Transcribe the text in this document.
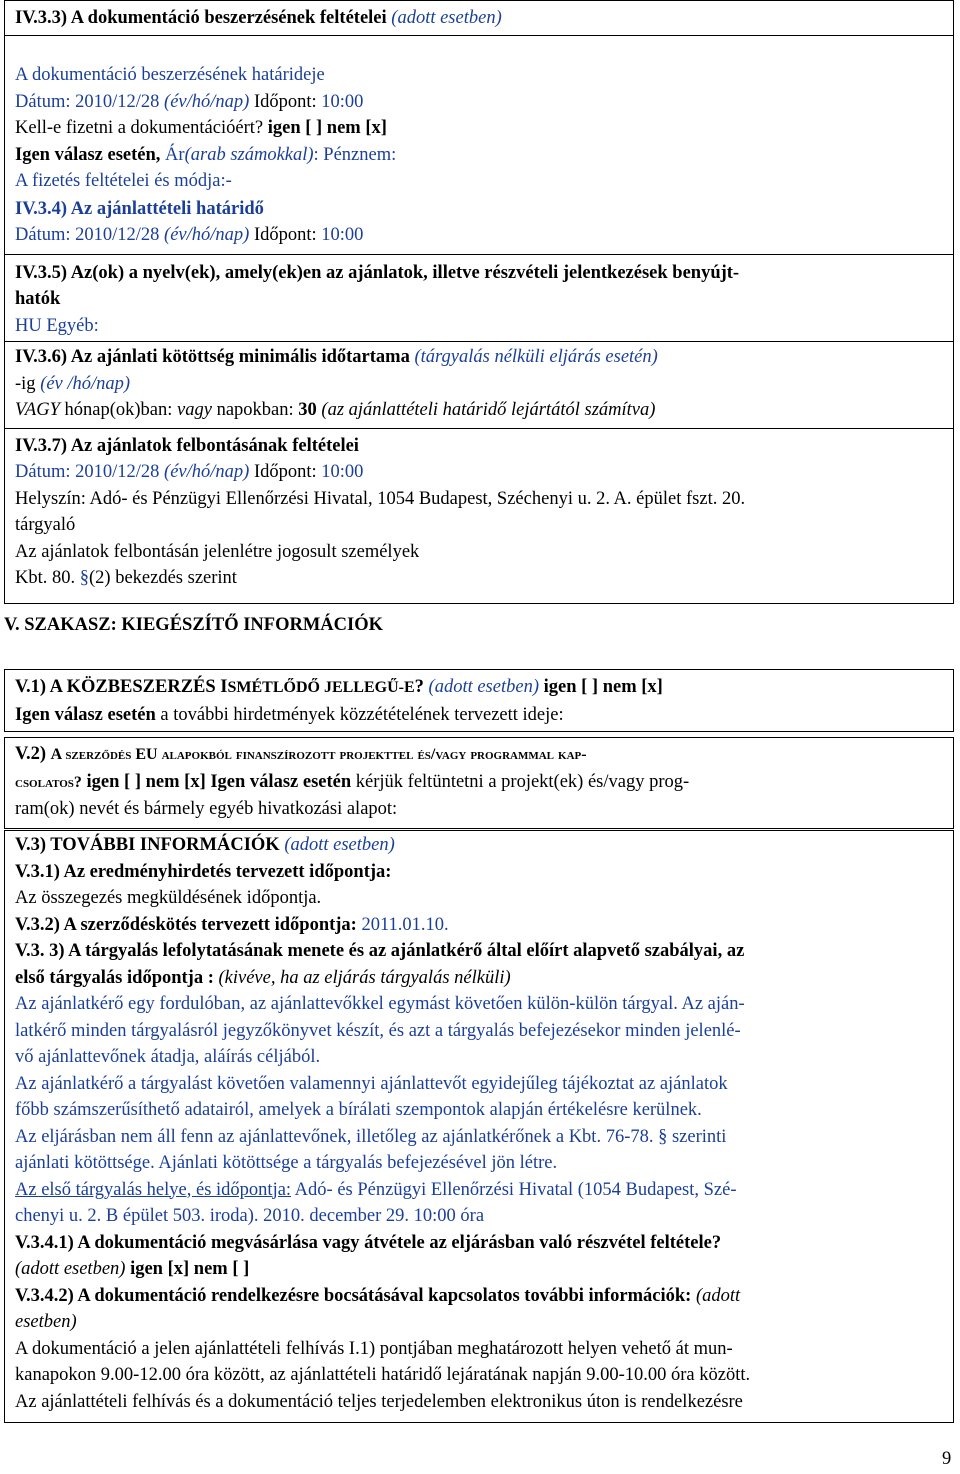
IV.3.3) A dokumentáció beszerzésének feltételei (adott esetben)
A dokumentáció beszerzésének határideje
Dátum: 2010/12/28 (év/hó/nap) Időpont: 10:00
Kell-e fizetni a dokumentációért? igen [ ] nem [x]
Igen válasz esetén, Ár(arab számokkal): Pénznem:
A fizetés feltételei és módja:-
IV.3.4) Az ajánlattételi határidő
Dátum: 2010/12/28 (év/hó/nap) Időpont: 10:00
IV.3.5) Az(ok) a nyelv(ek), amely(ek)en az ajánlatok, illetve részvételi jelentkezések benyújt-
hatók
HU Egyéb:
IV.3.6) Az ajánlati kötöttség minimális időtartama (tárgyalás nélküli eljárás esetén)
-ig (év /hó/nap)
VAGY hónap(ok)ban: vagy napokban: 30 (az ajánlattételi határidő lejártától számítva)
IV.3.7) Az ajánlatok felbontásának feltételei
Dátum: 2010/12/28 (év/hó/nap) Időpont: 10:00
Helyszín: Adó- és Pénzügyi Ellenőrzési Hivatal, 1054 Budapest, Széchenyi u. 2. A. épület fszt. 20.
tárgyaló
Az ajánlatok felbontásán jelenlétre jogosult személyek
Kbt. 80. §(2) bekezdés szerint
V. SZAKASZ: KIEGÉSZÍTŐ INFORMÁCIÓK
V.1) A KÖZBESZERZÉS ISMÉTLŐDŐ JELLEGŰ-E? (adott esetben) igen [ ] nem [x]
Igen válasz esetén a további hirdetmények közzétételének tervezett ideje:
V.2) A szerződés EU alapokból finanszírozott projekttel és/vagy programmal kap-
csolatos? igen [ ] nem [x] Igen válasz esetén kérjük feltüntetni a projekt(ek) és/vagy prog-
ram(ok) nevét és bármely egyéb hivatkozási alapot:
V.3) TOVÁBBI INFORMÁCIÓK (adott esetben)
V.3.1) Az eredményhirdetés tervezett időpontja:
Az összegezés megküldésének időpontja.
V.3.2) A szerződéskötés tervezett időpontja: 2011.01.10.
V.3. 3) A tárgyalás lefolytatásának menete és az ajánlatkérő által előírt alapvető szabályai, az
első tárgyalás időpontja : (kivéve, ha az eljárás tárgyalás nélküli)
Az ajánlatkérő egy fordulóban, az ajánlattevőkkel egymást követően külön-külön tárgyal. Az aján-
latkérő minden tárgyalásról jegyzőkönyvet készít, és azt a tárgyalás befejezésekor minden jelenlé-
vő ajánlattevőnek átadja, aláírás céljából.
Az ajánlatkérő a tárgyalást követően valamennyi ajánlattevőt egyidejűleg tájékoztat az ajánlatok
főbb számszerűsíthető adatairól, amelyek a bírálati szempontok alapján értékelésre kerülnek.
Az eljárásban nem áll fenn az ajánlattevőnek, illetőleg az ajánlatkérőnek a Kbt. 76-78. § szerinti
ajánlati kötöttsége. Ajánlati kötöttsége a tárgyalás befejezésével jön létre.
Az első tárgyalás helye, és időpontja: Adó- és Pénzügyi Ellenőrzési Hivatal (1054 Budapest, Szé-
chenyi u. 2. B épület 503. iroda). 2010. december 29. 10:00 óra
V.3.4.1) A dokumentáció megvásárlása vagy átvétele az eljárásban való részvétel feltétele?
(adott esetben) igen [x] nem [ ]
V.3.4.2) A dokumentáció rendelkezésre bocsátásával kapcsolatos további információk: (adott
esetben)
A dokumentáció a jelen ajánlattételi felhívás I.1) pontjában meghatározott helyen vehető át mun-
kanapokon 9.00-12.00 óra között, az ajánlattételi határidő lejáratának napján 9.00-10.00 óra között.
Az ajánlattételi felhívás és a dokumentáció teljes terjedelemben elektronikus úton is rendelkezésre
9
